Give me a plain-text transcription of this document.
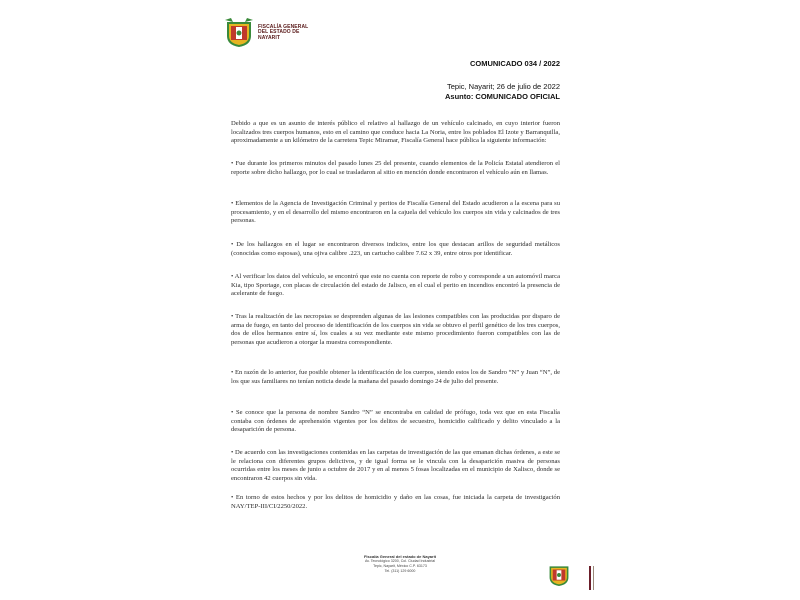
FISCALÍA GENERAL
DEL ESTADO DE
NAYARIT
COMUNICADO 034 / 2022
Tepic, Nayarit; 26 de julio de 2022
Asunto: COMUNICADO OFICIAL

Debido a que es un asunto de interés público el relativo al hallazgo de un vehículo calcinado, en cuyo interior fueron localizados tres cuerpos humanos, esto en el camino que conduce hacia La Noria, entre los poblados El Izote y Barranquilla, aproximadamente a un kilómetro de la carretera Tepic Miramar, Fiscalía General hace pública la siguiente información:

• Fue durante los primeros minutos del pasado lunes 25 del presente, cuando elementos de la Policía Estatal atendieron el reporte sobre dicho hallazgo, por lo cual se trasladaron al sitio en mención donde encontraron el vehículo aún en llamas.

• Elementos de la Agencia de Investigación Criminal y peritos de Fiscalía General del Estado acudieron a la escena para su procesamiento, y en el desarrollo del mismo encontraron en la cajuela del vehículo los cuerpos sin vida y calcinados de tres personas.

• De los hallazgos en el lugar se encontraron diversos indicios, entre los que destacan arillos de seguridad metálicos (conocidas como esposas), una ojiva calibre .223, un cartucho calibre 7.62 x 39, entre otros por identificar.

• Al verificar los datos del vehículo, se encontró que este no cuenta con reporte de robo y corresponde a un automóvil marca Kia, tipo Sportage, con placas de circulación del estado de Jalisco, en el cual el perito en incendios encontró la presencia de acelerante de fuego.

• Tras la realización de las necropsias se desprenden algunas de las lesiones compatibles con las producidas por disparo de arma de fuego, en tanto del proceso de identificación de los cuerpos sin vida se obtuvo el perfil genético de los tres cuerpos, dos de ellos hermanos entre sí, los cuales a su vez mediante este mismo procedimiento fueron compatibles con las de personas que acudieron a otorgar la muestra correspondiente.

• En razón de lo anterior, fue posible obtener la identificación de los cuerpos, siendo estos los de Sandro “N” y Juan “N”, de los que sus familiares no tenían noticia desde la mañana del pasado domingo 24 de julio del presente.

• Se conoce que la persona de nombre Sandro “N” se encontraba en calidad de prófugo, toda vez que en esta Fiscalía contaba con órdenes de aprehensión vigentes por los delitos de secuestro, homicidio calificado y delito vinculado a la desaparición de persona.

• De acuerdo con las investigaciones contenidas en las carpetas de investigación de las que emanan dichas órdenes, a este se le relaciona con diferentes grupos delictivos, y de igual forma se le vincula con la desaparición masiva de personas ocurridas entre los meses de junio a octubre de 2017 y en al menos 5 fosas localizadas en el municipio de Xalisco, donde se encontraron 42 cuerpos sin vida.

• En torno de estos hechos y por los delitos de homicidio y daño en las cosas, fue iniciada la carpeta de investigación NAY/TEP-III/CI/2250/2022.

Fiscalía General del estado de Nayarit
Av. Tecnológico 3200, Col. Ciudad Industrial
Tepic, Nayarit, México C.P. 63173
Tel. (311) 129 6000
